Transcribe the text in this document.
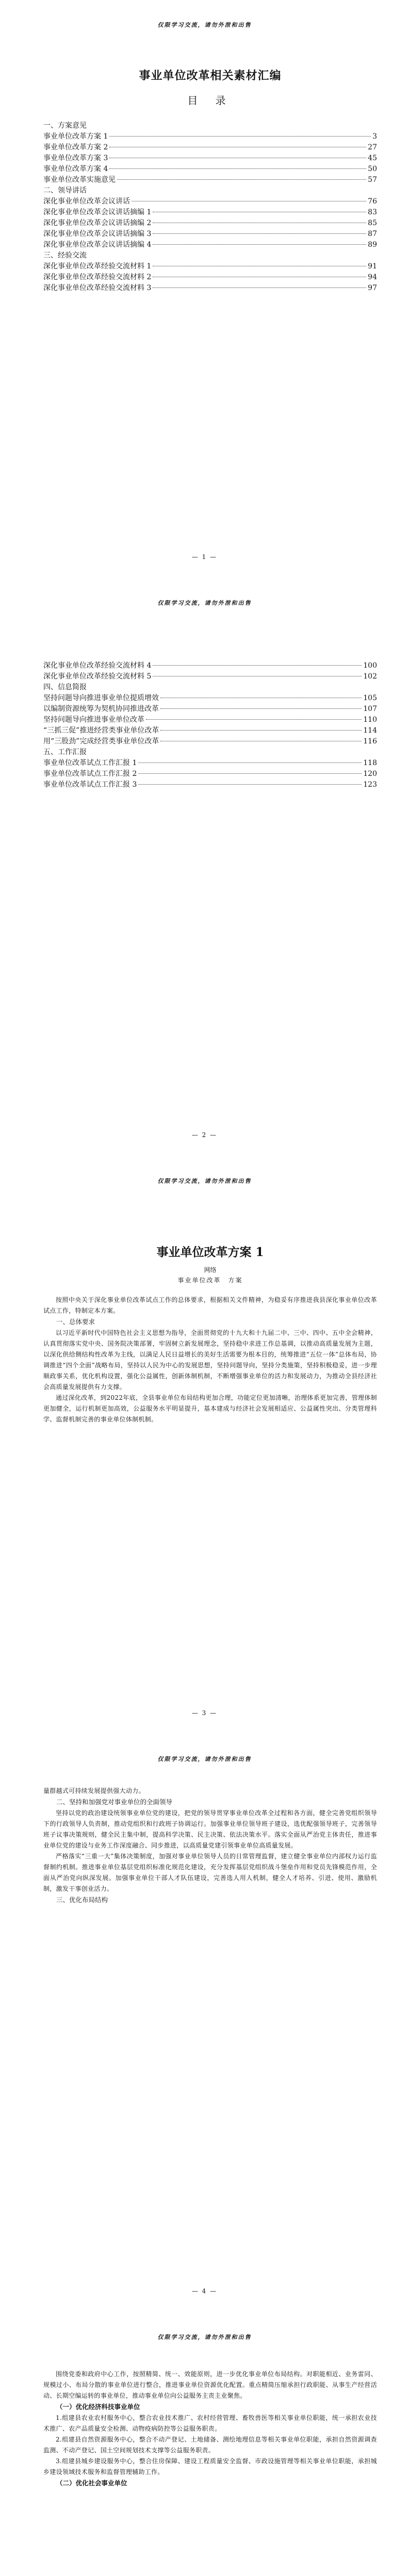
仅限学习交流，请勿外泄和出售
事业单位改革相关素材汇编
目 录

一、方案意见

事业单位改革方案 1	3
事业单位改革方案 2	27
事业单位改革方案 3	45
事业单位改革方案 4	50
事业单位改革实施意见	57

二、领导讲话

深化事业单位改革会议讲话	76
深化事业单位改革会议讲话摘编 1	83
深化事业单位改革会议讲话摘编 2	85
深化事业单位改革会议讲话摘编 3	87
深化事业单位改革会议讲话摘编 4	89

三、经验交流

深化事业单位改革经验交流材料 1	91
深化事业单位改革经验交流材料 2	94
深化事业单位改革经验交流材料 3	97
— 1 —
仅限学习交流，请勿外泄和出售
深化事业单位改革经验交流材料 4	100
深化事业单位改革经验交流材料 5	102

四、信息简报

坚持问题导向推进事业单位提质增效	105
以编制资源统筹为契机协同推进改革	107
坚持问题导向推进事业单位改革	110
“三抓三促”推进经营类事业单位改革	114
用“三股劲”完成经营类事业单位改革	116

五、工作汇报

事业单位改革试点工作汇报 1	118
事业单位改革试点工作汇报 2	120
事业单位改革试点工作汇报 3	123
— 2 —
仅限学习交流，请勿外泄和出售
事业单位改革方案 1
网络
事业单位改革　方案

按照中央关于深化事业单位改革试点工作的总体要求，根据相关文件精神，为稳妥有序推进我县深化事业单位改革试点工作，特制定本方案。

一、总体要求

以习近平新时代中国特色社会主义思想为指导，全面贯彻党的十九大和十九届二中、三中、四中、五中全会精神，认真贯彻落实党中央、国务院决策部署，牢固树立新发展理念，坚持稳中求进工作总基调，以推动高质量发展为主题，以深化供给侧结构性改革为主线，以满足人民日益增长的美好生活需要为根本目的，统筹推进“五位一体”总体布局，协调推进“四个全面”战略布局，坚持以人民为中心的发展思想，坚持问题导向，坚持分类施策，坚持积极稳妥，进一步理顺政事关系，优化机构设置，强化公益属性，创新体制机制，不断增强事业单位的活力和发展动力，为推动全县经济社会高质量发展提供有力支撑。

通过深化改革，到2022年底，全县事业单位布局结构更加合理，功能定位更加清晰，治理体系更加完善，管理体制更加健全，运行机制更加高效，公益服务水平明显提升，基本建成与经济社会发展相适应、公益属性突出、分类管理科学、监督机制完善的事业单位体制机制。

— 3 —
仅限学习交流，请勿外泄和出售

量群越式可持续发展提供强大动力。

二、坚持和加强党对事业单位的全面领导

坚持以党的政治建设统领事业单位党的建设，把党的领导贯穿事业单位改革全过程和各方面，健全完善党组织领导下的行政领导人负责制，推动党组织和行政班子协调运行。加强事业单位领导班子建设，选优配强领导班子，完善领导班子议事决策规则，健全民主集中制，提高科学决策、民主决策、依法决策水平。落实全面从严治党主体责任，推进事业单位党的建设与业务工作深度融合、同步推进，以高质量党建引领事业单位高质量发展。

严格落实“三重一大”集体决策制度，加强对事业单位领导人员的日常管理监督，建立健全事业单位内部权力运行监督制约机制。推进事业单位基层党组织标准化规范化建设，充分发挥基层党组织战斗堡垒作用和党员先锋模范作用，全面从严治党向纵深发展。加强事业单位干部人才队伍建设，完善选人用人机制，健全人才培养、引进、使用、激励机制，激发干事创业活力。

三、优化布局结构

— 4 —
仅限学习交流，请勿外泄和出售

围绕党委和政府中心工作，按照精简、统一、效能原则，进一步优化事业单位布局结构。对职能相近、业务雷同、规模过小、布局分散的事业单位进行整合，推进事业单位资源优化配置。重点精简压缩承担行政职能、从事生产经营活动、长期空编运转的事业单位，推动事业单位向公益服务主责主业聚焦。

（一）优化经济科技事业单位

1.组建县农业农村服务中心，整合农业技术推广、农村经营管理、畜牧兽医等相关事业单位职能，统一承担农业技术推广、农产品质量安全检测、动物疫病防控等公益服务职责。

2.组建县自然资源服务中心，整合不动产登记、土地储备、测绘地理信息等相关事业单位职能，承担自然资源调查监测、不动产登记、国土空间规划技术支撑等公益服务职责。

3.组建县城乡建设服务中心，整合住房保障、建设工程质量安全监督、市政设施管理等相关事业单位职能，承担城乡建设领域技术服务和监督管理辅助工作。

（二）优化社会事业单位
